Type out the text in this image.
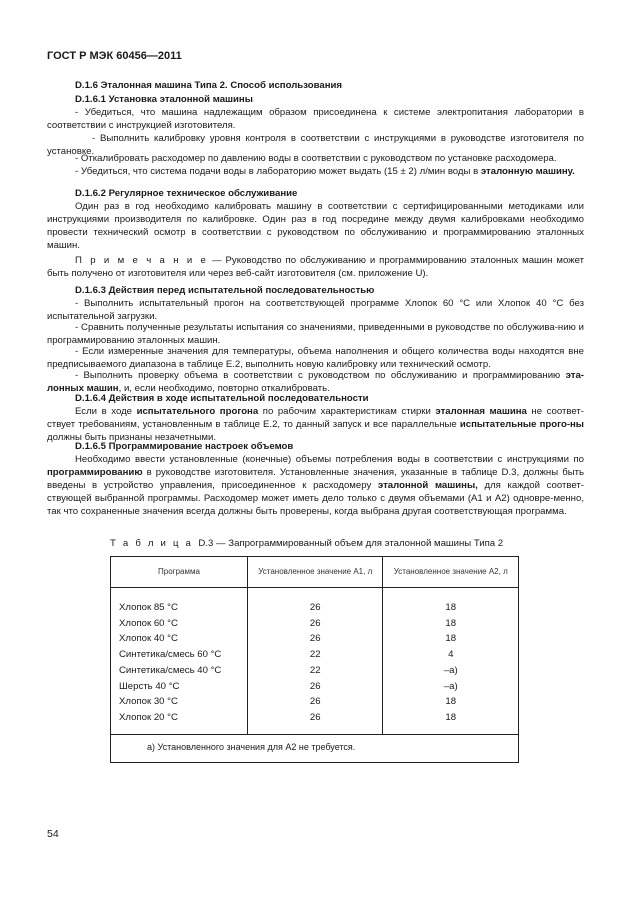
ГОСТ Р МЭК 60456—2011
D.1.6 Эталонная машина Типа 2. Способ использования
D.1.6.1 Установка эталонной машины
- Убедиться, что машина надлежащим образом присоединена к системе электропитания лаборатории в соответствии с инструкцией изготовителя.
- Выполнить калибровку уровня контроля в соответствии с инструкциями в руководстве изготовителя по установке.
- Откалибровать расходомер по давлению воды в соответствии с руководством по установке расходомера.
- Убедиться, что система подачи воды в лабораторию может выдать (15 ± 2) л/мин воды в эталонную машину.
D.1.6.2 Регулярное техническое обслуживание
Один раз в год необходимо калибровать машину в соответствии с сертифицированными методиками или инструкциями производителя по калибровке. Один раз в год посредине между двумя калибровками необходимо провести технический осмотр в соответствии с руководством по обслуживанию и программированию эталонных машин.
П р и м е ч а н и е — Руководство по обслуживанию и программированию эталонных машин может быть получено от изготовителя или через веб-сайт изготовителя (см. приложение U).
D.1.6.3 Действия перед испытательной последовательностью
- Выполнить испытательный прогон на соответствующей программе Хлопок 60 °C или Хлопок 40 °C без испытательной загрузки.
- Сравнить полученные результаты испытания со значениями, приведенными в руководстве по обслужива-нию и программированию эталонных машин.
- Если измеренные значения для температуры, объема наполнения и общего количества воды находятся вне предписываемого диапазона в таблице Е.2, выполнить новую калибровку или технический осмотр.
- Выполнить проверку объема в соответствии с руководством по обслуживанию и программированию эта-лонных машин, и, если необходимо, повторно откалибровать.
D.1.6.4 Действия в ходе испытательной последовательности
Если в ходе испытательного прогона по рабочим характеристикам стирки эталонная машина не соответ-ствует требованиям, установленным в таблице Е.2, то данный запуск и все параллельные испытательные прого-ны должны быть признаны незачетными.
D.1.6.5 Программирование настроек объемов
Необходимо ввести установленные (конечные) объемы потребления воды в соответствии с инструкциями по программированию в руководстве изготовителя. Установленные значения, указанные в таблице D.3, должны быть введены в устройство управления, присоединенное к расходомеру эталонной машины, для каждой соответ-ствующей выбранной программы. Расходомер может иметь дело только с двумя объемами (А1 и А2) одновре-менно, так что сохраненные значения всегда должны быть проверены, когда выбрана другая соответствующая программа.
Т а б л и ц а D.3 — Запрограммированный объем для эталонной машины Типа 2
Программа	Установленное значение А1, л	Установленное значение А2, л

Хлопок 85 °C	26	18
Хлопок 60 °C	26	18
Хлопок 40 °C	26	18
Синтетика/смесь 60 °C	22	4
Синтетика/смесь 40 °C	22	–a)
Шерсть 40 °C	26	–a)
Хлопок 30 °C	26	18
Хлопок 20 °C	26	18

a) Установленного значения для А2 не требуется.		
54
